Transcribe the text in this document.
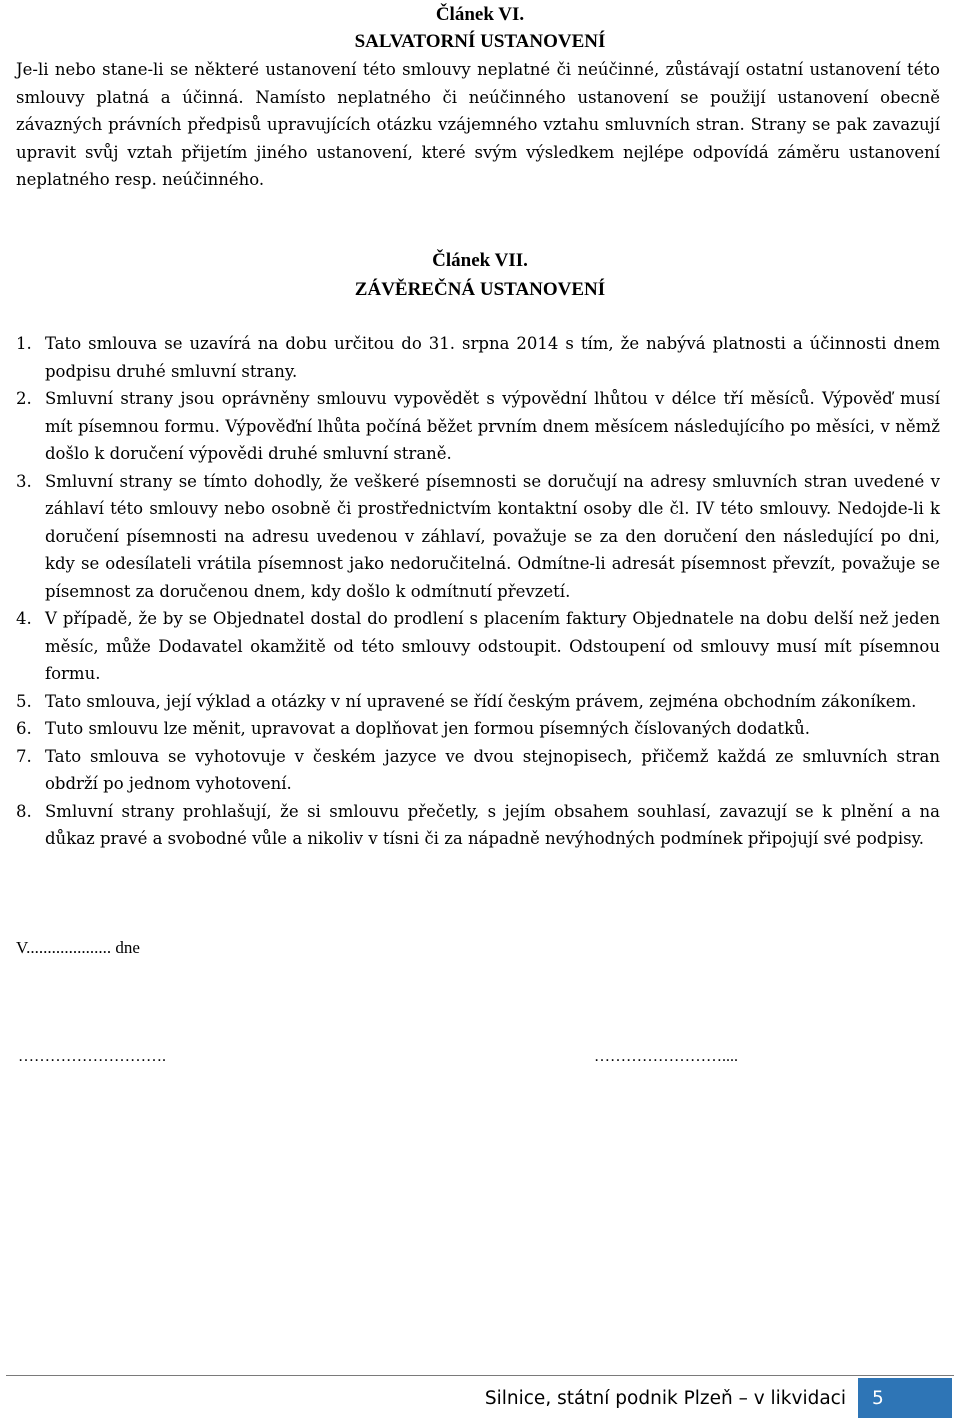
Článek VI.
SALVATORNÍ USTANOVENÍ

Je-li nebo stane-li se některé ustanovení této smlouvy neplatné či neúčinné, zůstávají ostatní ustanovení této smlouvy platná a účinná. Namísto neplatného či neúčinného ustanovení se použijí ustanovení obecně závazných právních předpisů upravujících otázku vzájemného vztahu smluvních stran. Strany se pak zavazují upravit svůj vztah přijetím jiného ustanovení, které svým výsledkem nejlépe odpovídá záměru ustanovení neplatného resp. neúčinného.

Článek VII.
ZÁVĚREČNÁ USTANOVENÍ
1. Tato smlouva se uzavírá na dobu určitou do 31. srpna 2014 s tím, že nabývá platnosti a účinnosti dnem podpisu druhé smluvní strany.
2. Smluvní strany jsou oprávněny smlouvu vypovědět s výpovědní lhůtou v délce tří měsíců. Výpověď musí mít písemnou formu. Výpověďní lhůta počíná běžet prvním dnem měsícem následujícího po měsíci, v němž došlo k doručení výpovědi druhé smluvní straně.
3. Smluvní strany se tímto dohodly, že veškeré písemnosti se doručují na adresy smluvních stran uvedené v záhlaví této smlouvy nebo osobně či prostřednictvím kontaktní osoby dle čl. IV této smlouvy. Nedojde-li k doručení písemnosti na adresu uvedenou v záhlaví, považuje se za den doručení den následující po dni, kdy se odesílateli vrátila písemnost jako nedoručitelná. Odmítne-li adresát písemnost převzít, považuje se písemnost za doručenou dnem, kdy došlo k odmítnutí převzetí.
4. V případě, že by se Objednatel dostal do prodlení s placením faktury Objednatele na dobu delší než jeden měsíc, může Dodavatel okamžitě od této smlouvy odstoupit. Odstoupení od smlouvy musí mít písemnou formu.
5. Tato smlouva, její výklad a otázky v ní upravené se řídí českým právem, zejména obchodním zákoníkem.
6. Tuto smlouvu lze měnit, upravovat a doplňovat jen formou písemných číslovaných dodatků.
7. Tato smlouva se vyhotovuje v českém jazyce ve dvou stejnopisech, přičemž každá ze smluvních stran obdrží po jednom vyhotovení.
8. Smluvní strany prohlašují, že si smlouvu přečetly, s jejím obsahem souhlasí, zavazují se k plnění a na důkaz pravé a svobodné vůle a nikoliv v tísni či za nápadně nevýhodných podmínek připojují své podpisy.
V.................... dne
……………………….	……………………....
Silnice, státní podnik Plzeň – v likvidaci	5
